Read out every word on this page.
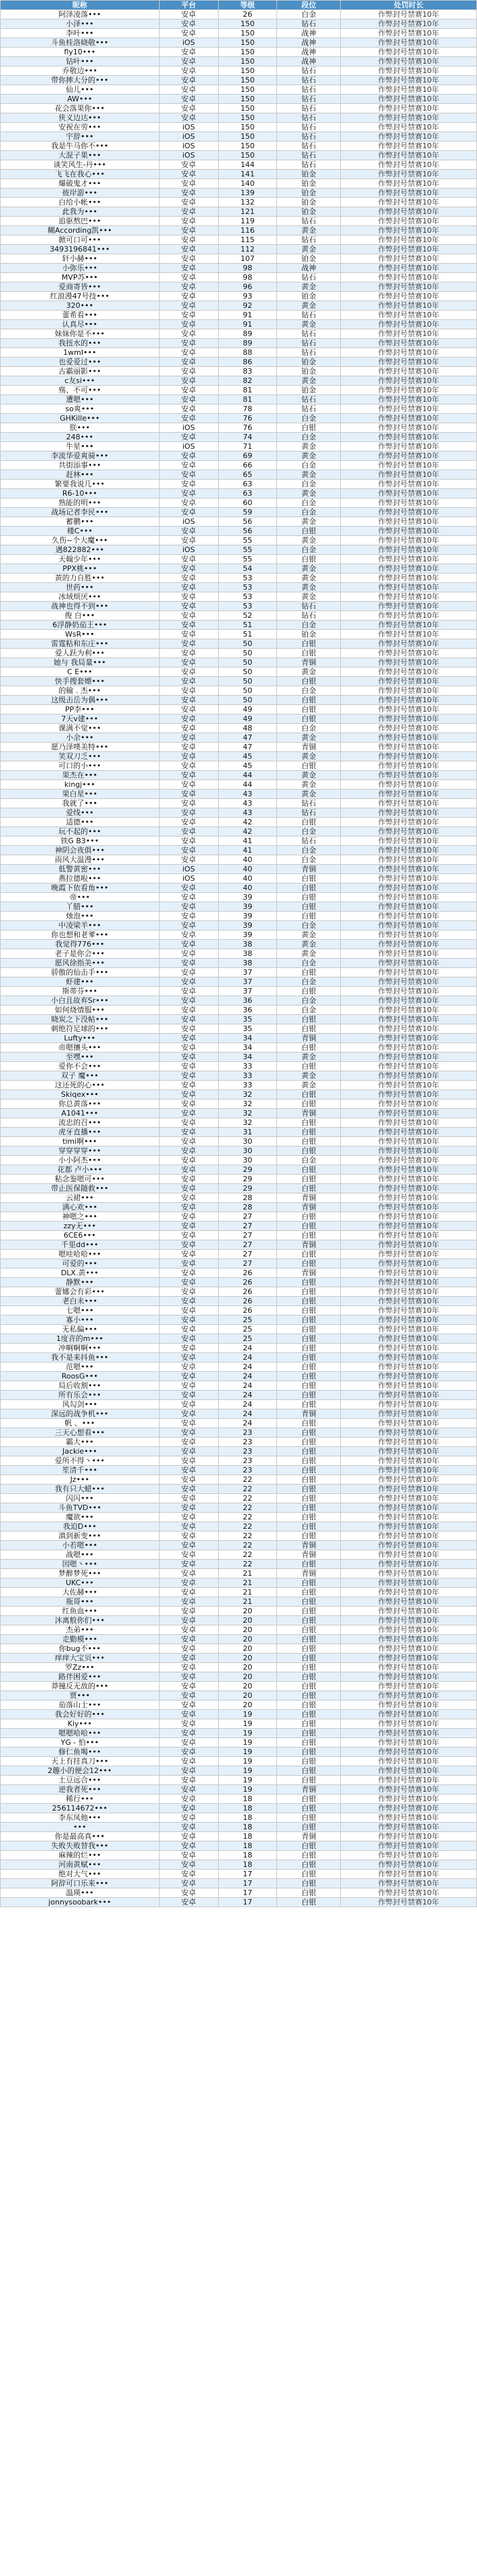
昵称	平台	等级	段位	处罚时长
阿泽凌落•••	安卓	26	白金	作弊封号禁赛10年
小泽•••	安卓	150	钻石	作弊封号禁赛10年
李叶•••	安卓	150	战神	作弊封号禁赛10年
斗鱼桂洛晓敬•••	iOS	150	战神	作弊封号禁赛10年
fly10•••	安卓	150	战神	作弊封号禁赛10年
钻叶•••	安卓	150	战神	作弊封号禁赛10年
乔敬边•••	安卓	150	钻石	作弊封号禁赛10年
带你摔大分的•••	安卓	150	钻石	作弊封号禁赛10年
仙儿•••	安卓	150	钻石	作弊封号禁赛10年
AW•••	安卓	150	钻石	作弊封号禁赛10年
花会落果你•••	安卓	150	钻石	作弊封号禁赛10年
侠义边达•••	安卓	150	钻石	作弊封号禁赛10年
安祝在劳•••	iOS	150	钻石	作弊封号禁赛10年
宇辞•••	iOS	150	钻石	作弊封号禁赛10年
我是牛马你不•••	iOS	150	钻石	作弊封号禁赛10年
大混子果•••	iOS	150	钻石	作弊封号禁赛10年
谈笑风生-丹•••	安卓	144	钻石	作弊封号禁赛10年
飞飞在我心•••	安卓	141	铂金	作弊封号禁赛10年
爆破鬼才•••	安卓	140	铂金	作弊封号禁赛10年
彼岸游•••	安卓	139	铂金	作弊封号禁赛10年
白给小帐•••	安卓	132	铂金	作弊封号禁赛10年
此我为•••	安卓	121	铂金	作弊封号禁赛10年
追驱熬巴•••	安卓	119	钻石	作弊封号禁赛10年
糊According凯•••	安卓	116	黄金	作弊封号禁赛10年
掀可口可•••	安卓	115	钻石	作弊封号禁赛10年
3493196841•••	安卓	112	黄金	作弊封号禁赛10年
轩小赫•••	安卓	107	铂金	作弊封号禁赛10年
小弥乐•••	安卓	98	战神	作弊封号禁赛10年
MVP苏•••	安卓	98	钻石	作弊封号禁赛10年
爱商寄皆•••	安卓	96	黄金	作弊封号禁赛10年
红浪漫47号技•••	安卓	93	铂金	作弊封号禁赛10年
320•••	安卓	92	黄金	作弊封号禁赛10年
蕾希看•••	安卓	91	钻石	作弊封号禁赛10年
认真尽•••	安卓	91	黄金	作弊封号禁赛10年
妹妹你是不•••	安卓	89	钻石	作弊封号禁赛10年
我扭水的•••	安卓	89	钻石	作弊封号禁赛10年
1wmI•••	安卓	88	钻石	作弊封号禁赛10年
也爱爱过•••	安卓	86	铂金	作弊封号禁赛10年
古霸丽影•••	安卓	83	铂金	作弊封号禁赛10年
c友si•••	安卓	82	黄金	作弊封号禁赛10年
殇、不可•••	安卓	81	铂金	作弊封号禁赛10年
遭嗯•••	安卓	81	钻石	作弊封号禁赛10年
so爽•••	安卓	78	钻石	作弊封号禁赛10年
GHKille•••	安卓	76	白金	作弊封号禁赛10年
朕•••	iOS	76	白银	作弊封号禁赛10年
248•••	安卓	74	白金	作弊封号禁赛10年
牛星•••	iOS	71	黄金	作弊封号禁赛10年
李流华爱爽骑•••	安卓	69	黄金	作弊封号禁赛10年
共街添事•••	安卓	66	白金	作弊封号禁赛10年
赶林•••	安卓	65	黄金	作弊封号禁赛10年
繁要我说几•••	安卓	63	白金	作弊封号禁赛10年
R6-10•••	安卓	63	黄金	作弊封号禁赛10年
熟能的明•••	安卓	60	白金	作弊封号禁赛10年
战场记者李民•••	安卓	59	白金	作弊封号禁赛10年
蓄鹏•••	iOS	56	黄金	作弊封号禁赛10年
楼C•••	安卓	56	白银	作弊封号禁赛10年
久伤~个大魔•••	安卓	55	黄金	作弊封号禁赛10年
遇822882•••	iOS	55	白金	作弊封号禁赛10年
天翰少年•••	安卓	55	白银	作弊封号禁赛10年
PPX桃•••	安卓	54	黄金	作弊封号禁赛10年
黄的力自胜•••	安卓	53	黄金	作弊封号禁赛10年
世药•••	安卓	53	黄金	作弊封号禁赛10年
冰域烦厌•••	安卓	53	黄金	作弊封号禁赛10年
战神也得不到•••	安卓	53	钻石	作弊封号禁赛10年
俊 白•••	安卓	52	钻石	作弊封号禁赛10年
6浮静奶茄王•••	安卓	51	白金	作弊封号禁赛10年
WsR•••	安卓	51	铂金	作弊封号禁赛10年
雷霆粘和东庄•••	安卓	50	白银	作弊封号禁赛10年
爱人跃为利•••	安卓	50	白银	作弊封号禁赛10年
她与 我局量•••	安卓	50	青铜	作弊封号禁赛10年
C E•••	安卓	50	黄金	作弊封号禁赛10年
快手搜套嫖•••	安卓	50	白银	作弊封号禁赛10年
的输 . 杰•••	安卓	50	白金	作弊封号禁赛10年
这级击岳为偶•••	安卓	50	白银	作弊封号禁赛10年
PP李•••	安卓	49	白银	作弊封号禁赛10年
7天v建•••	安卓	49	白银	作弊封号禁赛10年
课满不觉•••	安卓	48	白金	作弊封号禁赛10年
小余•••	安卓	47	黄金	作弊封号禁赛10年
愿乃泽噗美特•••	安卓	47	青铜	作弊封号禁赛10年
笑双刀乏•••	安卓	45	黄金	作弊封号禁赛10年
可口的小•••	安卓	45	白银	作弊封号禁赛10年
果杰在•••	安卓	44	黄金	作弊封号禁赛10年
kingj•••	安卓	44	黄金	作弊封号禁赛10年
果白星•••	安卓	43	黄金	作弊封号禁赛10年
我就了•••	安卓	43	钻石	作弊封号禁赛10年
爱线•••	安卓	43	钻石	作弊封号禁赛10年
适德•••	安卓	42	白银	作弊封号禁赛10年
玩不起的•••	安卓	42	白金	作弊封号禁赛10年
铁G B3•••	安卓	41	钻石	作弊封号禁赛10年
神阴会夜俱•••	安卓	41	白金	作弊封号禁赛10年
雨风大温漫•••	安卓	40	白金	作弊封号禁赛10年
低警黄密•••	iOS	40	青铜	作弊封号禁赛10年
燕拉德啦•••	iOS	40	白银	作弊封号禁赛10年
晚霞下依看角•••	安卓	40	白银	作弊封号禁赛10年
帝•••	安卓	39	白银	作弊封号禁赛10年
丫腊•••	安卓	39	白银	作弊封号禁赛10年
烛泡•••	安卓	39	白银	作弊封号禁赛10年
中凌梁羊•••	安卓	39	白金	作弊封号禁赛10年
你也想和老爹•••	安卓	39	黄金	作弊封号禁赛10年
我觉得776•••	安卓	38	黄金	作弊封号禁赛10年
老子是你会•••	安卓	38	黄金	作弊封号禁赛10年
愿风徐指美•••	安卓	38	白金	作弊封号禁赛10年
骄傲的仙击手•••	安卓	37	白银	作弊封号禁赛10年
虾建•••	安卓	37	白金	作弊封号禁赛10年
斯蒂芬•••	安卓	37	白银	作弊封号禁赛10年
小白且故弃Sr•••	安卓	36	白金	作弊封号禁赛10年
如何烧情服•••	安卓	36	白金	作弊封号禁赛10年
晓炭之下没帖•••	安卓	35	白银	作弊封号禁赛10年
刺绝符足球的•••	安卓	35	白银	作弊封号禁赛10年
Lufty•••	安卓	34	青铜	作弊封号禁赛10年
帝嗯攘头•••	安卓	34	白银	作弊封号禁赛10年
至嘿•••	安卓	34	黄金	作弊封号禁赛10年
爱你不会•••	安卓	33	白银	作弊封号禁赛10年
双子 魔•••	安卓	33	黄金	作弊封号禁赛10年
这还死的心•••	安卓	33	黄金	作弊封号禁赛10年
Skiqex•••	安卓	32	白银	作弊封号禁赛10年
你总黄落•••	安卓	32	白银	作弊封号禁赛10年
A1041•••	安卓	32	青铜	作弊封号禁赛10年
流忠的召•••	安卓	32	白银	作弊封号禁赛10年
虎牙直播•••	安卓	31	白银	作弊封号禁赛10年
timi啊•••	安卓	30	白银	作弊封号禁赛10年
穿穿穿穿•••	安卓	30	白银	作弊封号禁赛10年
小小阿杰•••	安卓	30	白金	作弊封号禁赛10年
花都 卢小•••	安卓	29	白银	作弊封号禁赛10年
粘念鉴嗯可•••	安卓	29	白银	作弊封号禁赛10年
带止医保随救•••	安卓	29	白银	作弊封号禁赛10年
云裙•••	安卓	28	青铜	作弊封号禁赛10年
满心欢•••	安卓	28	青铜	作弊封号禁赛10年
神嗯之•••	安卓	27	白银	作弊封号禁赛10年
zzy无•••	安卓	27	白银	作弊封号禁赛10年
6CE6•••	安卓	27	白银	作弊封号禁赛10年
千里dd•••	安卓	27	青铜	作弊封号禁赛10年
嗯哇哈哈•••	安卓	27	白银	作弊封号禁赛10年
可爱的•••	安卓	27	白银	作弊封号禁赛10年
DLX.黄•••	安卓	26	青铜	作弊封号禁赛10年
静默•••	安卓	26	白银	作弊封号禁赛10年
蕾娜会有彩•••	安卓	26	白银	作弊封号禁赛10年
老白未•••	安卓	26	白银	作弊封号禁赛10年
七嗯•••	安卓	26	白银	作弊封号禁赛10年
寡小•••	安卓	25	白银	作弊封号禁赛10年
无私偏•••	安卓	25	白银	作弊封号禁赛10年
1度音的m•••	安卓	25	白银	作弊封号禁赛10年
冲啊啊啊•••	安卓	24	白银	作弊封号禁赛10年
我不是来抖鱼•••	安卓	24	白银	作弊封号禁赛10年
范嗯•••	安卓	24	白银	作弊封号禁赛10年
RoosG•••	安卓	24	白银	作弊封号禁赛10年
局后收割•••	安卓	24	白银	作弊封号禁赛10年
所有乐会•••	安卓	24	白银	作弊封号禁赛10年
风勾剑•••	安卓	24	白银	作弊封号禁赛10年
深远的战争机•••	安卓	24	青铜	作弊封号禁赛10年
帆 、•••	安卓	24	白银	作弊封号禁赛10年
三天心想看•••	安卓	23	白银	作弊封号禁赛10年
霸大•••	安卓	23	白银	作弊封号禁赛10年
Jackie•••	安卓	23	白银	作弊封号禁赛10年
爱所不得丶•••	安卓	23	白银	作弊封号禁赛10年
笙清千•••	安卓	23	白银	作弊封号禁赛10年
Jz•••	安卓	22	白银	作弊封号禁赛10年
我有只大蜡•••	安卓	22	白银	作弊封号禁赛10年
闪闪•••	安卓	22	白银	作弊封号禁赛10年
斗鱼TVD•••	安卓	22	白银	作弊封号禁赛10年
魔欲•••	安卓	22	白银	作弊封号禁赛10年
我迫D•••	安卓	22	白银	作弊封号禁赛10年
滇到新变•••	安卓	22	白银	作弊封号禁赛10年
小若嗯•••	安卓	22	青铜	作弊封号禁赛10年
战嗯•••	安卓	22	青铜	作弊封号禁赛10年
因嗯丶•••	安卓	22	白银	作弊封号禁赛10年
梦醉梦死•••	安卓	21	青铜	作弊封号禁赛10年
UKC•••	安卓	21	白银	作弊封号禁赛10年
大佐赫•••	安卓	21	白银	作弊封号禁赛10年
瓶哥•••	安卓	21	白银	作弊封号禁赛10年
红鱼血•••	安卓	20	白银	作弊封号禁赛10年
沐离般你们•••	安卓	20	白银	作弊封号禁赛10年
杰弟•••	安卓	20	白银	作弊封号禁赛10年
走勤模•••	安卓	20	白银	作弊封号禁赛10年
你bug不•••	安卓	20	白银	作弊封号禁赛10年
痒痒大宝贝•••	安卓	20	白银	作弊封号禁赛10年
罗Zz•••	安卓	20	白银	作弊封号禁赛10年
路伴困爱•••	安卓	20	白银	作弊封号禁赛10年
莽撞反无敌的•••	安卓	20	白银	作弊封号禁赛10年
贾•••	安卓	20	白银	作弊封号禁赛10年
茄落山士•••	安卓	20	白银	作弊封号禁赛10年
我会好好的•••	安卓	19	白银	作弊封号禁赛10年
Kiy•••	安卓	19	白银	作弊封号禁赛10年
嗯嗯哈哈•••	安卓	19	白银	作弊封号禁赛10年
YG - 怕•••	安卓	19	白银	作弊封号禁赛10年
修仁鱼喝•••	安卓	19	白银	作弊封号禁赛10年
天上有挂真刀•••	安卓	19	白银	作弊封号禁赛10年
2趣小的便会12•••	安卓	19	白银	作弊封号禁赛10年
土豆远合•••	安卓	19	白银	作弊封号禁赛10年
逆我者死•••	安卓	19	青铜	作弊封号禁赛10年
稀行•••	安卓	18	白银	作弊封号禁赛10年
256114672•••	安卓	18	白银	作弊封号禁赛10年
李东凤他•••	安卓	18	白银	作弊封号禁赛10年
•••	安卓	18	白银	作弊封号禁赛10年
你是最高真•••	安卓	18	青铜	作弊封号禁赛10年
失败失败替我•••	安卓	18	白银	作弊封号禁赛10年
麻辣的烂•••	安卓	18	白银	作弊封号禁赛10年
河南黄赋•••	安卓	18	白银	作弊封号禁赛10年
绝对大气•••	安卓	17	白银	作弊封号禁赛10年
阿辞可口乐来•••	安卓	17	白银	作弊封号禁赛10年
温瑛•••	安卓	17	白银	作弊封号禁赛10年
jonnysoobark•••	安卓	17	白银	作弊封号禁赛10年
